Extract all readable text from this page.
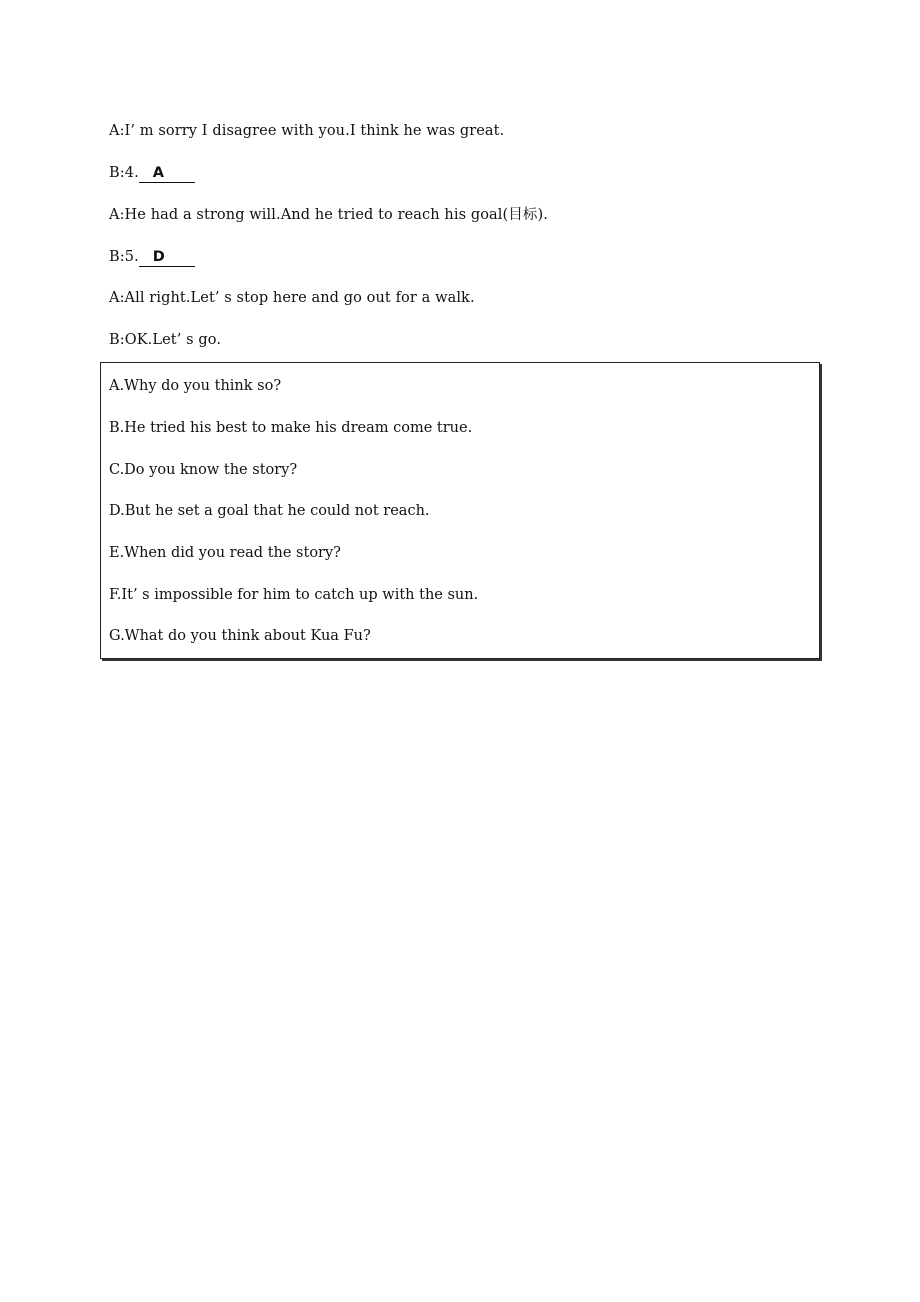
A:I’ m sorry I disagree with you.I think he was great.
B:4. A
A:He had a strong will.And he tried to reach his goal(目标).
B:5. D
A:All right.Let’ s stop here and go out for a walk.
B:OK.Let’ s go.
A.Why do you think so?
B.He tried his best to make his dream come true.
C.Do you know the story?
D.But he set a goal that he could not reach.
E.When did you read the story?
F.It’ s impossible for him to catch up with the sun.
G.What do you think about Kua Fu?
